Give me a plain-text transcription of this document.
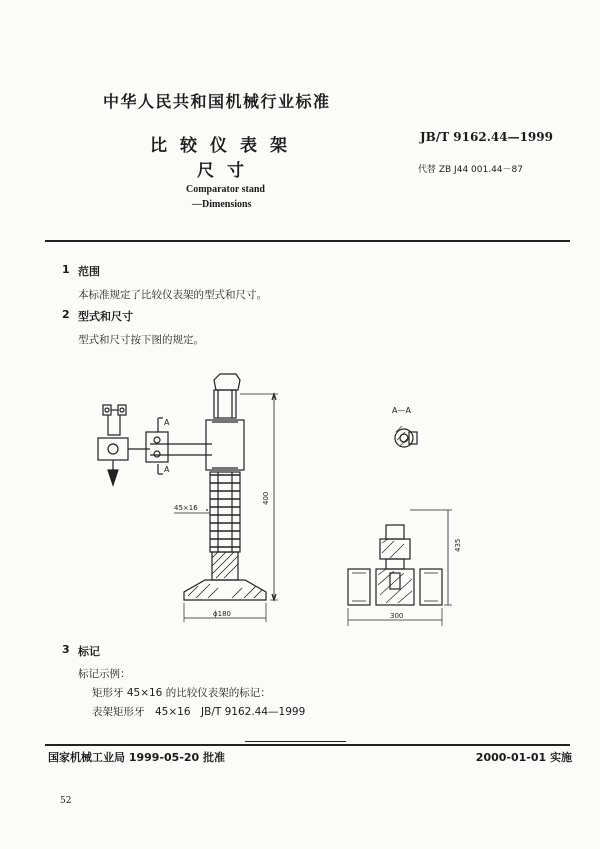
中华人民共和国机械行业标准
比较仪表架
尺寸
JB/T 9162.44—1999
代替 ZB J44 001.44－87
Comparator stand
—Dimensions
1 范围
本标准规定了比较仪表架的型式和尺寸。
2 型式和尺寸
型式和尺寸按下图的规定。
A
A
45×16
400
ϕ180
A—A
435
300
3 标记
标记示例：
矩形牙 45×16 的比较仪表架的标记：
表架矩形牙　45×16　JB/T 9162.44—1999
国家机械工业局 1999-05-20 批准	2000-01-01 实施
52
